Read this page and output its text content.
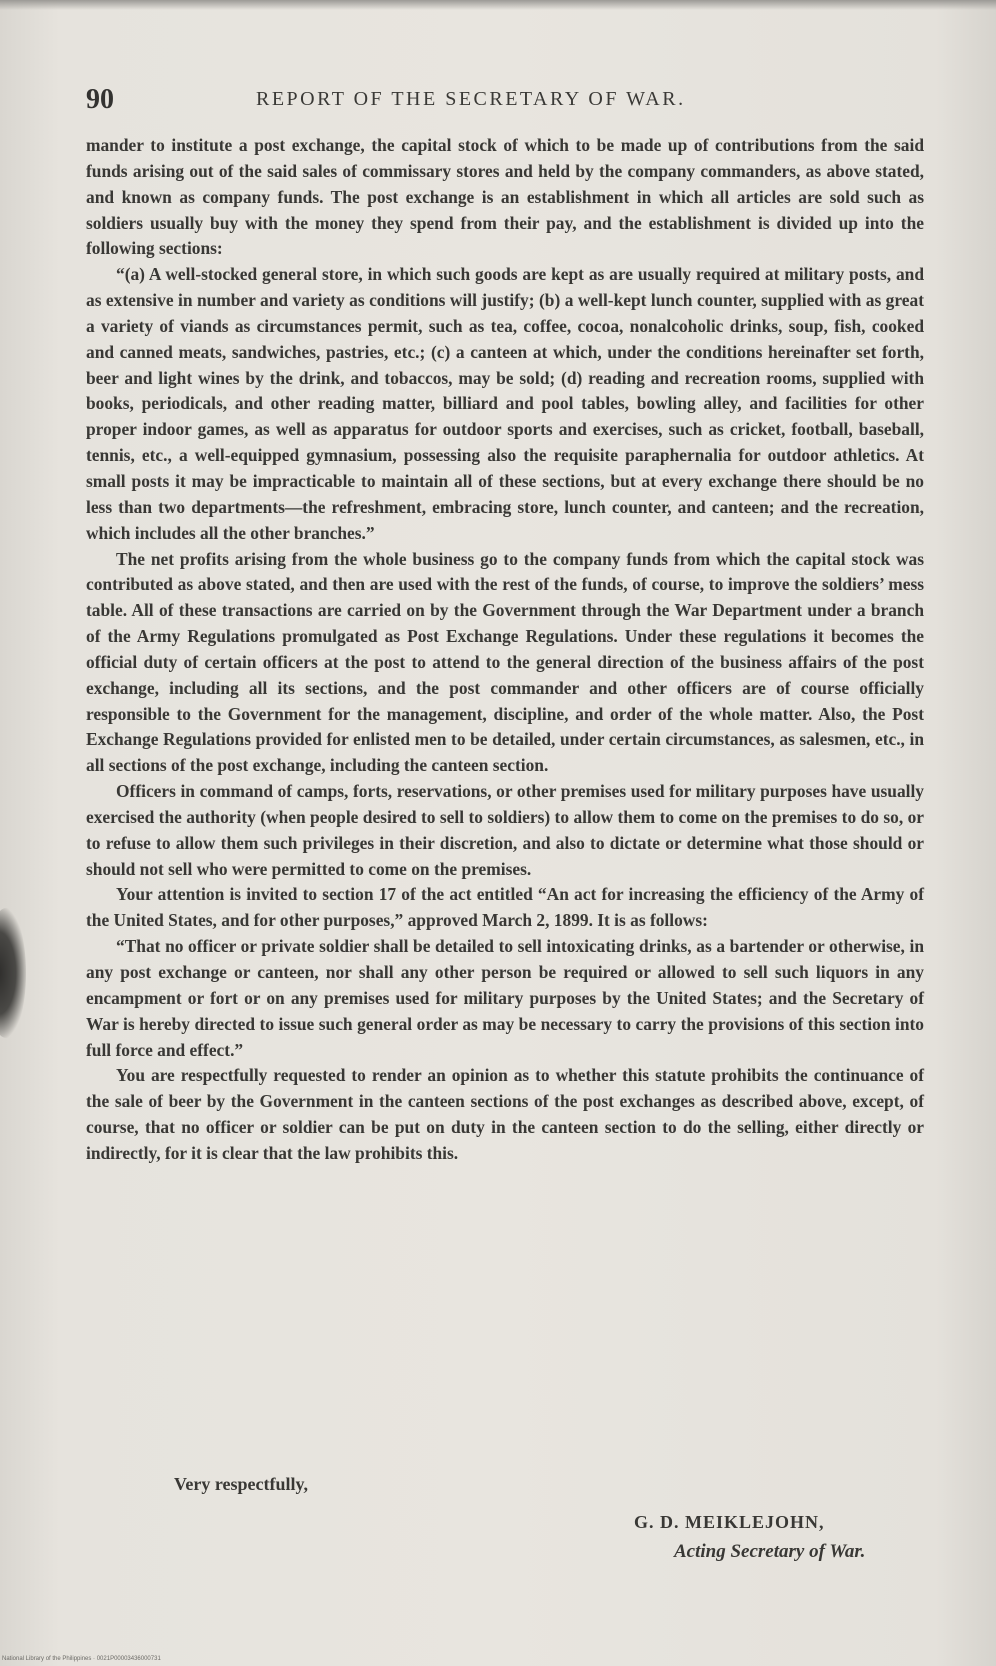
90	REPORT OF THE SECRETARY OF WAR.

mander to institute a post exchange, the capital stock of which to be made up of contributions from the said funds arising out of the said sales of commissary stores and held by the company commanders, as above stated, and known as company funds. The post exchange is an establishment in which all articles are sold such as soldiers usually buy with the money they spend from their pay, and the establishment is divided up into the following sections:

“(a) A well-stocked general store, in which such goods are kept as are usually required at military posts, and as extensive in number and variety as conditions will justify; (b) a well-kept lunch counter, supplied with as great a variety of viands as circumstances permit, such as tea, coffee, cocoa, nonalcoholic drinks, soup, fish, cooked and canned meats, sandwiches, pastries, etc.; (c) a canteen at which, under the conditions hereinafter set forth, beer and light wines by the drink, and tobaccos, may be sold; (d) reading and recreation rooms, supplied with books, periodicals, and other reading matter, billiard and pool tables, bowling alley, and facilities for other proper indoor games, as well as apparatus for outdoor sports and exercises, such as cricket, football, baseball, tennis, etc., a well-equipped gymnasium, possessing also the requisite paraphernalia for outdoor athletics. At small posts it may be impracticable to maintain all of these sections, but at every exchange there should be no less than two departments—the refreshment, embracing store, lunch counter, and canteen; and the recreation, which includes all the other branches.”

The net profits arising from the whole business go to the company funds from which the capital stock was contributed as above stated, and then are used with the rest of the funds, of course, to improve the soldiers’ mess table. All of these transactions are carried on by the Government through the War Department under a branch of the Army Regulations promulgated as Post Exchange Regulations. Under these regulations it becomes the official duty of certain officers at the post to attend to the general direction of the business affairs of the post exchange, including all its sections, and the post commander and other officers are of course officially responsible to the Government for the management, discipline, and order of the whole matter. Also, the Post Exchange Regulations provided for enlisted men to be detailed, under certain circumstances, as salesmen, etc., in all sections of the post exchange, including the canteen section.

Officers in command of camps, forts, reservations, or other premises used for military purposes have usually exercised the authority (when people desired to sell to soldiers) to allow them to come on the premises to do so, or to refuse to allow them such privileges in their discretion, and also to dictate or determine what those should or should not sell who were permitted to come on the premises.

Your attention is invited to section 17 of the act entitled “An act for increasing the efficiency of the Army of the United States, and for other purposes,” approved March 2, 1899. It is as follows:

“That no officer or private soldier shall be detailed to sell intoxicating drinks, as a bartender or otherwise, in any post exchange or canteen, nor shall any other person be required or allowed to sell such liquors in any encampment or fort or on any premises used for military purposes by the United States; and the Secretary of War is hereby directed to issue such general order as may be necessary to carry the provisions of this section into full force and effect.”

You are respectfully requested to render an opinion as to whether this statute prohibits the continuance of the sale of beer by the Government in the canteen sections of the post exchanges as described above, except, of course, that no officer or soldier can be put on duty in the canteen section to do the selling, either directly or indirectly, for it is clear that the law prohibits this.

Very respectfully,
G. D. MEIKLEJOHN,
Acting Secretary of War.
National Library of the Philippines · 0021P00003436000731
